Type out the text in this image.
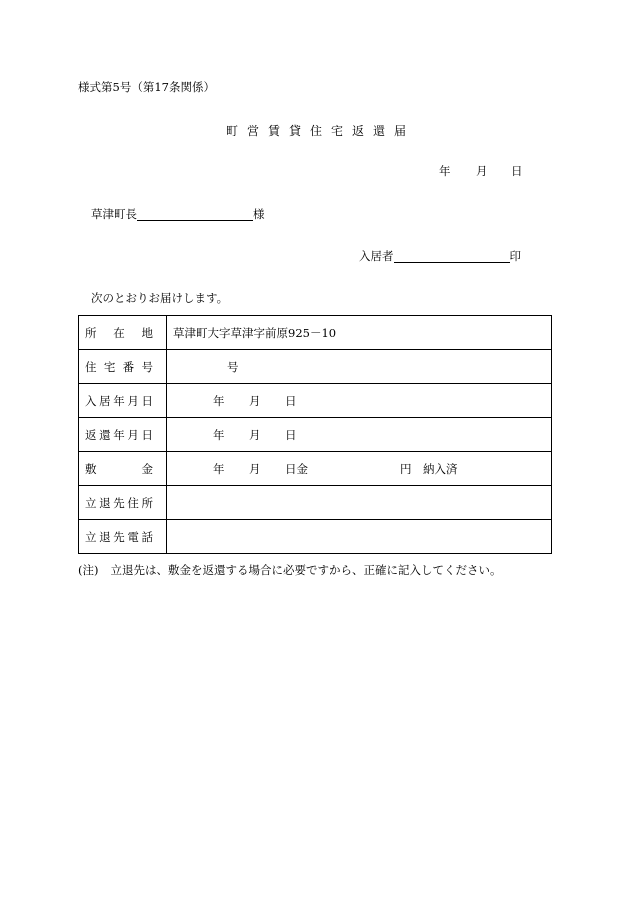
様式第5号（第17条関係）
町営賃貸住宅返還届
年 月 日
草津町長	様
入居者	印
次のとおりお届けします。
所　在　地	草津町大字草津字前原925－10

住宅番号	号

入居年月日	年 月 日

返還年月日	年 月 日

敷　　金	年 月 日金 円 納入済

立退先住所	

立退先電話	

(注) 立退先は、敷金を返還する場合に必要ですから、正確に記入してください。
